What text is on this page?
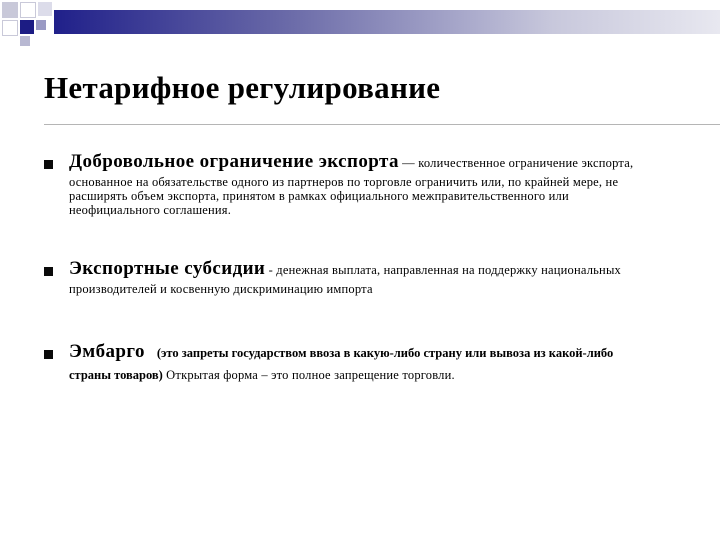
Нетарифное регулирование

Добровольное ограничение экспорта — количественное ограничение экспорта,
основанное на обязательстве одного из партнеров по торговле ограничить или, по крайней мере, не
расширять объем экспорта, принятом в рамках официального межправительственного или
неофициального соглашения.

Экспортные субсидии - денежная выплата, направленная на поддержку национальных
производителей и косвенную дискриминацию импорта

Эмбарго (это запреты государством ввоза в какую-либо страну или вывоза из какой-либо
страны товаров) Открытая форма – это полное запрещение торговли.
